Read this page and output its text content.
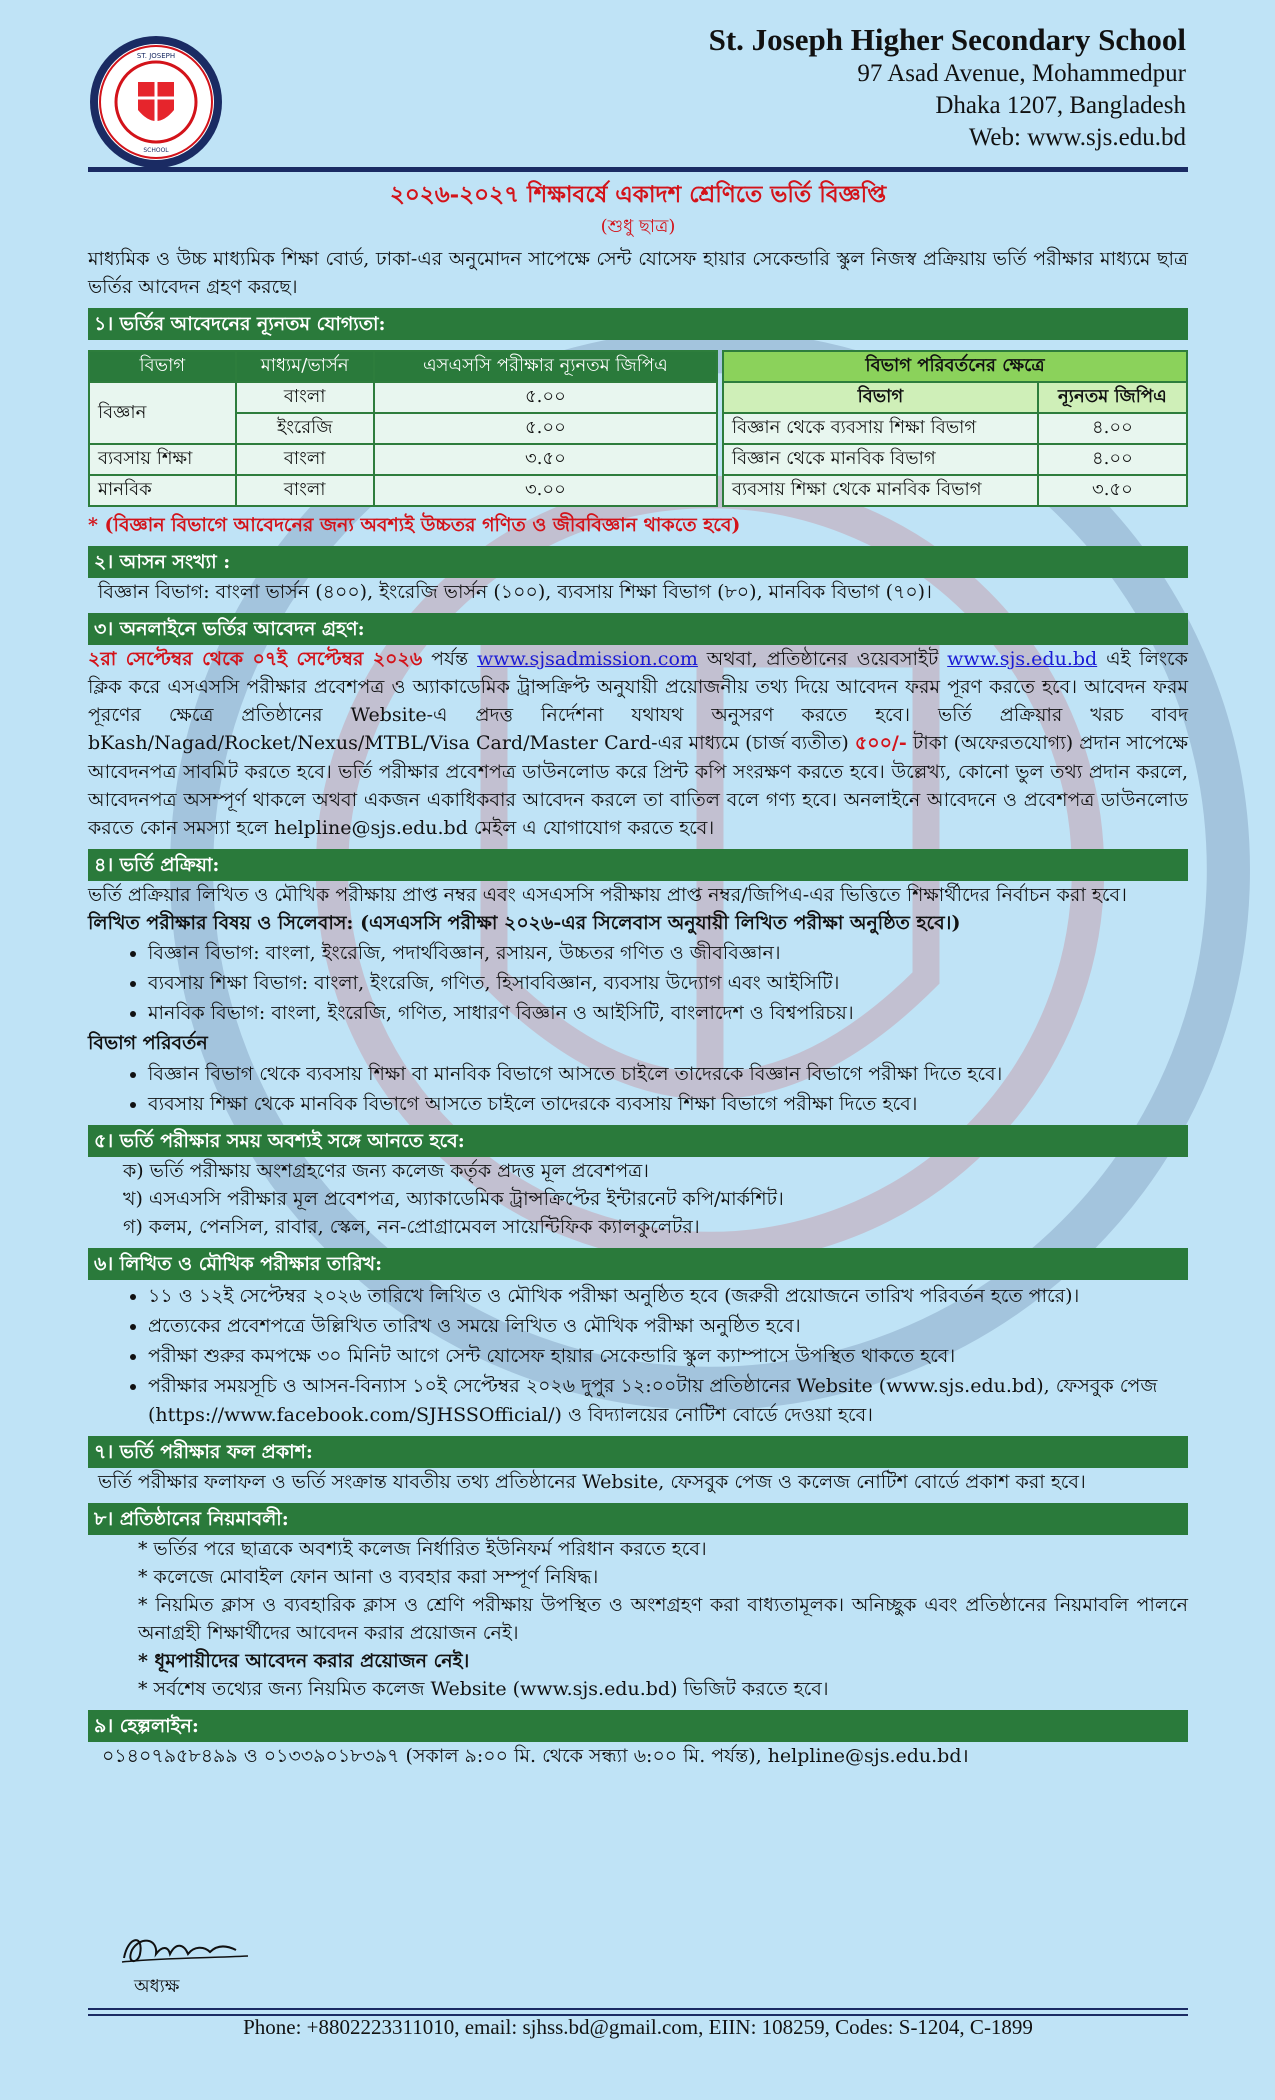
ST. JOSEPH
SCHOOL
St. Joseph Higher Secondary School
97 Asad Avenue, Mohammedpur
Dhaka 1207, Bangladesh
Web: www.sjs.edu.bd
২০২৬-২০২৭ শিক্ষাবর্ষে একাদশ শ্রেণিতে ভর্তি বিজ্ঞপ্তি
(শুধু ছাত্র)
মাধ্যমিক ও উচ্চ মাধ্যমিক শিক্ষা বোর্ড, ঢাকা-এর অনুমোদন সাপেক্ষে সেন্ট যোসেফ হায়ার সেকেন্ডারি স্কুল নিজস্ব প্রক্রিয়ায় ভর্তি পরীক্ষার মাধ্যমে ছাত্র ভর্তির আবেদন গ্রহণ করছে।
১। ভর্তির আবেদনের ন্যূনতম যোগ্যতা:
বিভাগ	মাধ্যম/ভার্সন	এসএসসি পরীক্ষার ন্যূনতম জিপিএ
বিজ্ঞান	বাংলা	৫.০০
	ইংরেজি	৫.০০
ব্যবসায় শিক্ষা	বাংলা	৩.৫০
মানবিক	বাংলা	৩.০০
বিভাগ পরিবর্তনের ক্ষেত্রে	
বিভাগ	ন্যূনতম জিপিএ
বিজ্ঞান থেকে ব্যবসায় শিক্ষা বিভাগ	৪.০০
বিজ্ঞান থেকে মানবিক বিভাগ	৪.০০
ব্যবসায় শিক্ষা থেকে মানবিক বিভাগ	৩.৫০
* (বিজ্ঞান বিভাগে আবেদনের জন্য অবশ্যই উচ্চতর গণিত ও জীববিজ্ঞান থাকতে হবে)
২। আসন সংখ্যা :
বিজ্ঞান বিভাগ: বাংলা ভার্সন (৪০০), ইংরেজি ভার্সন (১০০), ব্যবসায় শিক্ষা বিভাগ (৮০), মানবিক বিভাগ (৭০)।
৩। অনলাইনে ভর্তির আবেদন গ্রহণ:
২রা সেপ্টেম্বর থেকে ০৭ই সেপ্টেম্বর ২০২৬ পর্যন্ত www.sjsadmission.com অথবা, প্রতিষ্ঠানের ওয়েবসাইট www.sjs.edu.bd এই লিংকে ক্লিক করে এসএসসি পরীক্ষার প্রবেশপত্র ও অ্যাকাডেমিক ট্রান্সক্রিপ্ট অনুযায়ী প্রয়োজনীয় তথ্য দিয়ে আবেদন ফরম পূরণ করতে হবে। আবেদন ফরম পূরণের ক্ষেত্রে প্রতিষ্ঠানের Website-এ প্রদত্ত নির্দেশনা যথাযথ অনুসরণ করতে হবে। ভর্তি প্রক্রিয়ার খরচ বাবদ bKash/Nagad/Rocket/Nexus/MTBL/Visa Card/Master Card-এর মাধ্যমে (চার্জ ব্যতীত) ৫০০/- টাকা (অফেরতযোগ্য) প্রদান সাপেক্ষে আবেদনপত্র সাবমিট করতে হবে। ভর্তি পরীক্ষার প্রবেশপত্র ডাউনলোড করে প্রিন্ট কপি সংরক্ষণ করতে হবে। উল্লেখ্য, কোনো ভুল তথ্য প্রদান করলে, আবেদনপত্র অসম্পূর্ণ থাকলে অথবা একজন একাধিকবার আবেদন করলে তা বাতিল বলে গণ্য হবে। অনলাইনে আবেদনে ও প্রবেশপত্র ডাউনলোড করতে কোন সমস্যা হলে helpline@sjs.edu.bd মেইল এ যোগাযোগ করতে হবে।
৪। ভর্তি প্রক্রিয়া:
ভর্তি প্রক্রিয়ার লিখিত ও মৌখিক পরীক্ষায় প্রাপ্ত নম্বর এবং এসএসসি পরীক্ষায় প্রাপ্ত নম্বর/জিপিএ-এর ভিত্তিতে শিক্ষার্থীদের নির্বাচন করা হবে।
লিখিত পরীক্ষার বিষয় ও সিলেবাস: (এসএসসি পরীক্ষা ২০২৬-এর সিলেবাস অনুযায়ী লিখিত পরীক্ষা অনুষ্ঠিত হবে।)
• বিজ্ঞান বিভাগ: বাংলা, ইংরেজি, পদার্থবিজ্ঞান, রসায়ন, উচ্চতর গণিত ও জীববিজ্ঞান।
• ব্যবসায় শিক্ষা বিভাগ: বাংলা, ইংরেজি, গণিত, হিসাববিজ্ঞান, ব্যবসায় উদ্যোগ এবং আইসিটি।
• মানবিক বিভাগ: বাংলা, ইংরেজি, গণিত, সাধারণ বিজ্ঞান ও আইসিটি, বাংলাদেশ ও বিশ্বপরিচয়।
বিভাগ পরিবর্তন
• বিজ্ঞান বিভাগ থেকে ব্যবসায় শিক্ষা বা মানবিক বিভাগে আসতে চাইলে তাদেরকে বিজ্ঞান বিভাগে পরীক্ষা দিতে হবে।
• ব্যবসায় শিক্ষা থেকে মানবিক বিভাগে আসতে চাইলে তাদেরকে ব্যবসায় শিক্ষা বিভাগে পরীক্ষা দিতে হবে।
৫। ভর্তি পরীক্ষার সময় অবশ্যই সঙ্গে আনতে হবে:
ক) ভর্তি পরীক্ষায় অংশগ্রহণের জন্য কলেজ কর্তৃক প্রদত্ত মূল প্রবেশপত্র।
খ) এসএসসি পরীক্ষার মূল প্রবেশপত্র, অ্যাকাডেমিক ট্রান্সক্রিপ্টের ইন্টারনেট কপি/মার্কশিট।
গ) কলম, পেনসিল, রাবার, স্কেল, নন-প্রোগ্রামেবল সায়েন্টিফিক ক্যালকুলেটর।
৬। লিখিত ও মৌখিক পরীক্ষার তারিখ:
• ১১ ও ১২ই সেপ্টেম্বর ২০২৬ তারিখে লিখিত ও মৌখিক পরীক্ষা অনুষ্ঠিত হবে (জরুরী প্রয়োজনে তারিখ পরিবর্তন হতে পারে)।
• প্রত্যেকের প্রবেশপত্রে উল্লিখিত তারিখ ও সময়ে লিখিত ও মৌখিক পরীক্ষা অনুষ্ঠিত হবে।
• পরীক্ষা শুরুর কমপক্ষে ৩০ মিনিট আগে সেন্ট যোসেফ হায়ার সেকেন্ডারি স্কুল ক্যাম্পাসে উপস্থিত থাকতে হবে।
• পরীক্ষার সময়সূচি ও আসন-বিন্যাস ১০ই সেপ্টেম্বর ২০২৬ দুপুর ১২:০০টায় প্রতিষ্ঠানের Website (www.sjs.edu.bd), ফেসবুক পেজ (https://www.facebook.com/SJHSSOfficial/) ও বিদ্যালয়ের নোটিশ বোর্ডে দেওয়া হবে।
৭। ভর্তি পরীক্ষার ফল প্রকাশ:
ভর্তি পরীক্ষার ফলাফল ও ভর্তি সংক্রান্ত যাবতীয় তথ্য প্রতিষ্ঠানের Website, ফেসবুক পেজ ও কলেজ নোটিশ বোর্ডে প্রকাশ করা হবে।
৮। প্রতিষ্ঠানের নিয়মাবলী:
* ভর্তির পরে ছাত্রকে অবশ্যই কলেজ নির্ধারিত ইউনিফর্ম পরিধান করতে হবে।
* কলেজে মোবাইল ফোন আনা ও ব্যবহার করা সম্পূর্ণ নিষিদ্ধ।
* নিয়মিত ক্লাস ও ব্যবহারিক ক্লাস ও শ্রেণি পরীক্ষায় উপস্থিত ও অংশগ্রহণ করা বাধ্যতামূলক। অনিচ্ছুক এবং প্রতিষ্ঠানের নিয়মাবলি পালনে অনাগ্রহী শিক্ষার্থীদের আবেদন করার প্রয়োজন নেই।
* ধূমপায়ীদের আবেদন করার প্রয়োজন নেই।
* সর্বশেষ তথ্যের জন্য নিয়মিত কলেজ Website (www.sjs.edu.bd) ভিজিট করতে হবে।
৯। হেল্পলাইন:
০১৪০৭৯৫৮৪৯৯ ও ০১৩৩৯০১৮৩৯৭ (সকাল ৯:০০ মি. থেকে সন্ধ্যা ৬:০০ মি. পর্যন্ত), helpline@sjs.edu.bd।
অধ্যক্ষ
Phone: +8802223311010, email: sjhss.bd@gmail.com, EIIN: 108259, Codes: S-1204, C-1899
